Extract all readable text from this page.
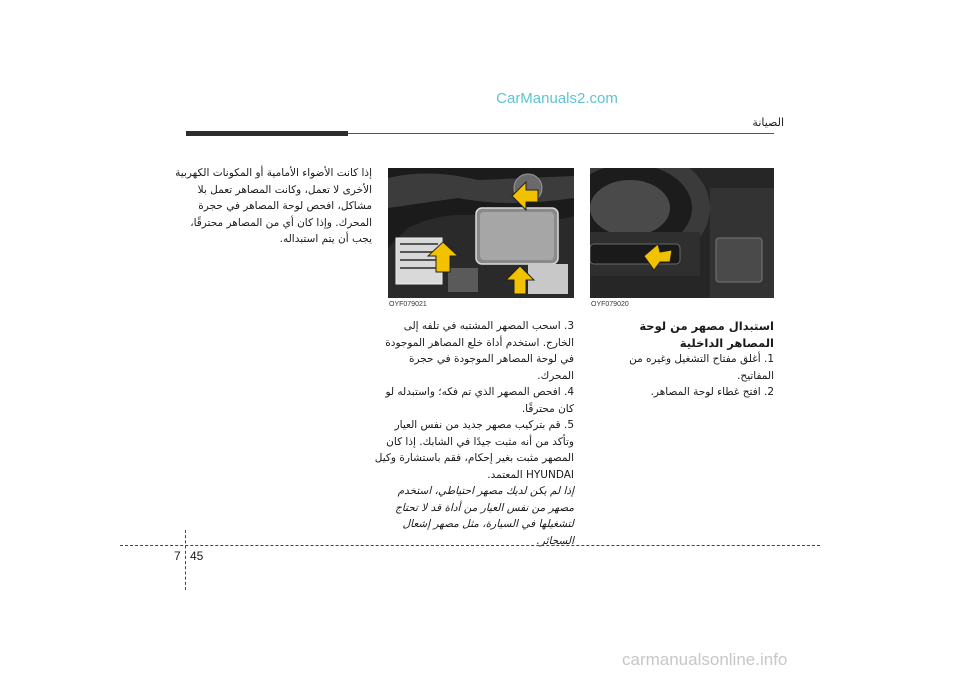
CarManuals2.com
الصيانة
OYF079021	OYF079020
إذا كانت الأضواء الأمامية أو المكونات الكهربية الأخرى لا تعمل، وكانت المصاهر تعمل بلا مشاكل، افحص لوحة المصاهر في حجرة المحرك. وإذا كان أي من المصاهر محترقًا، يجب أن يتم استبداله.
استبدال مصهر من لوحة المصاهر الداخلية
1. أغلق مفتاح التشغيل وغيره من المفاتيح.
2. افتح غطاء لوحة المصاهر.
3. اسحب المصهر المشتبه في تلفه إلى الخارج. استخدم أداة خلع المصاهر الموجودة في لوحة المصاهر الموجودة في حجرة المحرك.
4. افحص المصهر الذي تم فكه؛ واستبدله لو كان محترقًا.
5. قم بتركيب مصهر جديد من نفس العيار وتأكد من أنه مثبت جيدًا في الشابك. إذا كان المصهر مثبت بغير إحكام، فقم باستشارة وكيل HYUNDAI المعتمد.
إذا لم يكن لديك مصهر احتياطي، استخدم مصهر من نفس العيار من أداة قد لا تحتاج لتشغيلها في السيارة، مثل مصهر إشعال السجائر.
7 45
carmanualsonline.info
